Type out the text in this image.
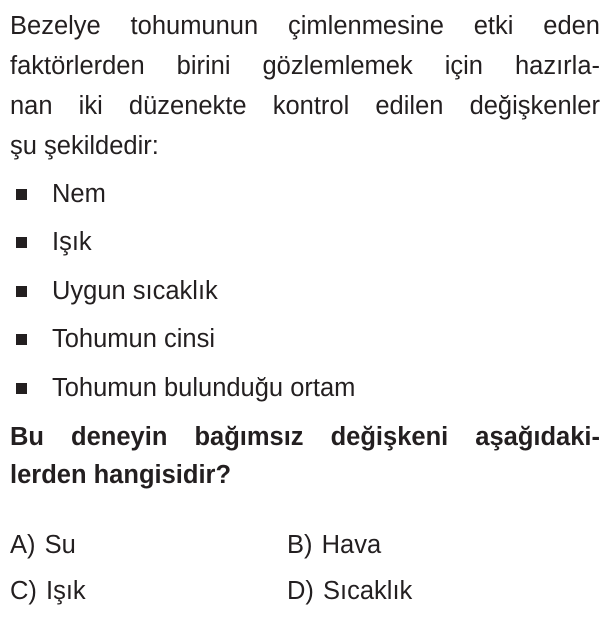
Bezelye tohumunun çimlenmesine etki eden
faktörlerden birini gözlemlemek için hazırla-
nan iki düzenekte kontrol edilen değişkenler
şu şekildedir:
Nem
Işık
Uygun sıcaklık
Tohumun cinsi
Tohumun bulunduğu ortam
Bu deneyin bağımsız değişkeni aşağıdaki-
lerden hangisidir?
A) Su	B) Hava
C) Işık	D) Sıcaklık
